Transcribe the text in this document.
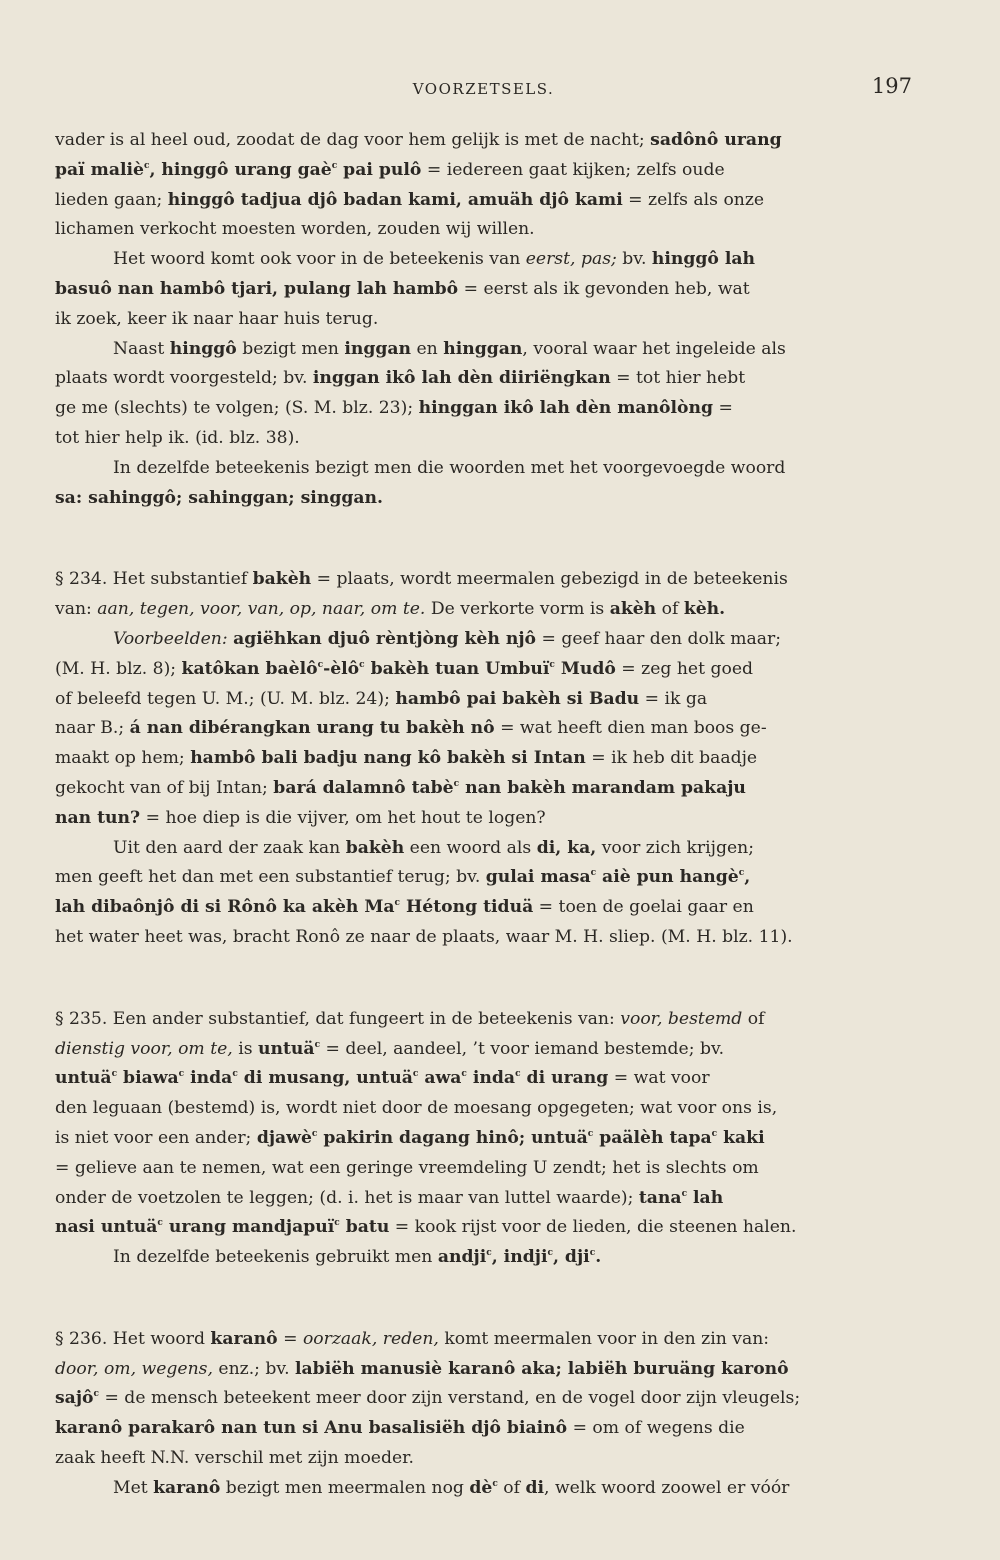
VOORZETSELS.	197
vader is al heel oud, zoodat de dag voor hem gelijk is met de nacht; sadônô urang
paï maliè$^c$, hinggô urang gaè$^c$ pai pulô = iedereen gaat kijken; zelfs oude
lieden gaan; hinggô tadjua djô badan kami, amuäh djô kami = zelfs als onze
lichamen verkocht moesten worden, zouden wij willen.
Het woord komt ook voor in de beteekenis van eerst, pas; bv. hinggô lah
basuô nan hambô tjari, pulang lah hambô = eerst als ik gevonden heb, wat
ik zoek, keer ik naar haar huis terug.
Naast hinggô bezigt men inggan en hinggan, vooral waar het ingeleide als
plaats wordt voorgesteld; bv. inggan ikô lah dèn diiriëngkan = tot hier hebt
ge me (slechts) te volgen; (S. M. blz. 23); hinggan ikô lah dèn manôlòng =
tot hier help ik. (id. blz. 38).
In dezelfde beteekenis bezigt men die woorden met het voorgevoegde woord
sa: sahinggô; sahinggan; singgan.
§ 234. Het substantief bakèh = plaats, wordt meermalen gebezigd in de beteekenis
van: aan, tegen, voor, van, op, naar, om te. De verkorte vorm is akèh of kèh.
Voorbeelden: agiëhkan djuô rèntjòng kèh njô = geef haar den dolk maar;
(M. H. blz. 8); katôkan baèlô$^c$-èlô$^c$ bakèh tuan Umbuï$^c$ Mudô = zeg het goed
of beleefd tegen U. M.; (U. M. blz. 24); hambô pai bakèh si Badu = ik ga
naar B.; á nan dibérangkan urang tu bakèh nô = wat heeft dien man boos ge-
maakt op hem; hambô bali badju nang kô bakèh si Intan = ik heb dit baadje
gekocht van of bij Intan; bará dalamnô tabè$^c$ nan bakèh marandam pakaju
nan tun? = hoe diep is die vijver, om het hout te logen?
Uit den aard der zaak kan bakèh een woord als di, ka, voor zich krijgen;
men geeft het dan met een substantief terug; bv. gulai masa$^c$ aiè pun hangè$^c$,
lah dibaônjô di si Rônô ka akèh Ma$^c$ Hétong tiduä = toen de goelai gaar en
het water heet was, bracht Ronô ze naar de plaats, waar M. H. sliep. (M. H. blz. 11).
§ 235. Een ander substantief, dat fungeert in de beteekenis van: voor, bestemd of
dienstig voor, om te, is untuä$^c$ = deel, aandeel, ’t voor iemand bestemde; bv.
untuä$^c$ biawa$^c$ inda$^c$ di musang, untuä$^c$ awa$^c$ inda$^c$ di urang = wat voor
den leguaan (bestemd) is, wordt niet door de moesang opgegeten; wat voor ons is,
is niet voor een ander; djawè$^c$ pakirin dagang hinô; untuä$^c$ paälèh tapa$^c$ kaki
= gelieve aan te nemen, wat een geringe vreemdeling U zendt; het is slechts om
onder de voetzolen te leggen; (d. i. het is maar van luttel waarde); tana$^c$ lah
nasi untuä$^c$ urang mandjapuï$^c$ batu = kook rijst voor de lieden, die steenen halen.
In dezelfde beteekenis gebruikt men andji$^c$, indji$^c$, dji$^c$.
§ 236. Het woord karanô = oorzaak, reden, komt meermalen voor in den zin van:
door, om, wegens, enz.; bv. labiëh manusiè karanô aka; labiëh buruäng karonô
sajô$^c$ = de mensch beteekent meer door zijn verstand, en de vogel door zijn vleugels;
karanô parakarô nan tun si Anu basalisiëh djô biainô = om of wegens die
zaak heeft N.N. verschil met zijn moeder.
Met karanô bezigt men meermalen nog $dè^c$ of di, welk woord zoowel er vóór
